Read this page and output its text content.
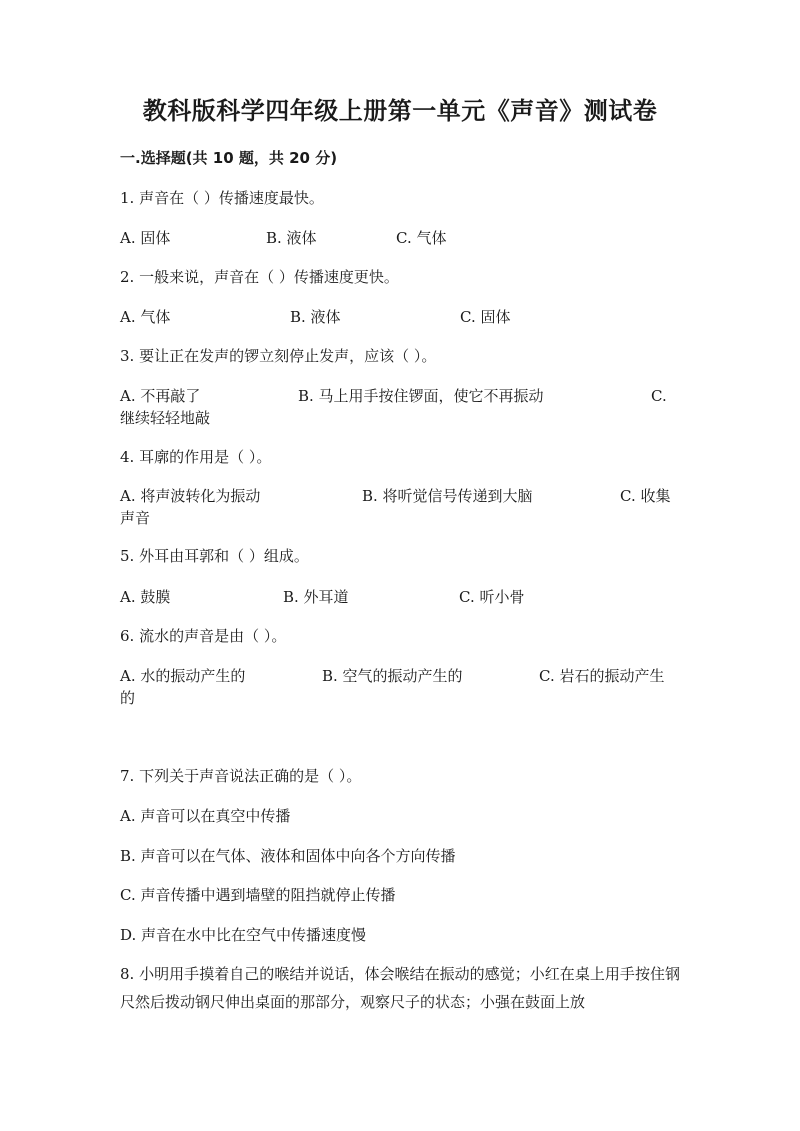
教科版科学四年级上册第一单元《声音》测试卷
一.选择题(共 10 题，共 20 分)
1. 声音在（ ）传播速度最快。
A. 固体	B. 液体	C. 气体
2. 一般来说，声音在（ ）传播速度更快。
A. 气体	B. 液体	C. 固体
3. 要让正在发声的锣立刻停止发声，应该（ ）。
A. 不再敲了	B. 马上用手按住锣面，使它不再振动	C.
继续轻轻地敲
4. 耳廓的作用是（ ）。
A. 将声波转化为振动	B. 将听觉信号传递到大脑	C. 收集
声音
5. 外耳由耳郭和（ ）组成。
A. 鼓膜	B. 外耳道	C. 听小骨
6. 流水的声音是由（ ）。
A. 水的振动产生的	B. 空气的振动产生的	C. 岩石的振动产生
的
7. 下列关于声音说法正确的是（ ）。
A. 声音可以在真空中传播
B. 声音可以在气体、液体和固体中向各个方向传播
C. 声音传播中遇到墙壁的阻挡就停止传播
D. 声音在水中比在空气中传播速度慢
8. 小明用手摸着自己的喉结并说话，体会喉结在振动的感觉；小红在桌上用手按住钢尺然后拨动钢尺伸出桌面的那部分，观察尺子的状态；小强在鼓面上放
